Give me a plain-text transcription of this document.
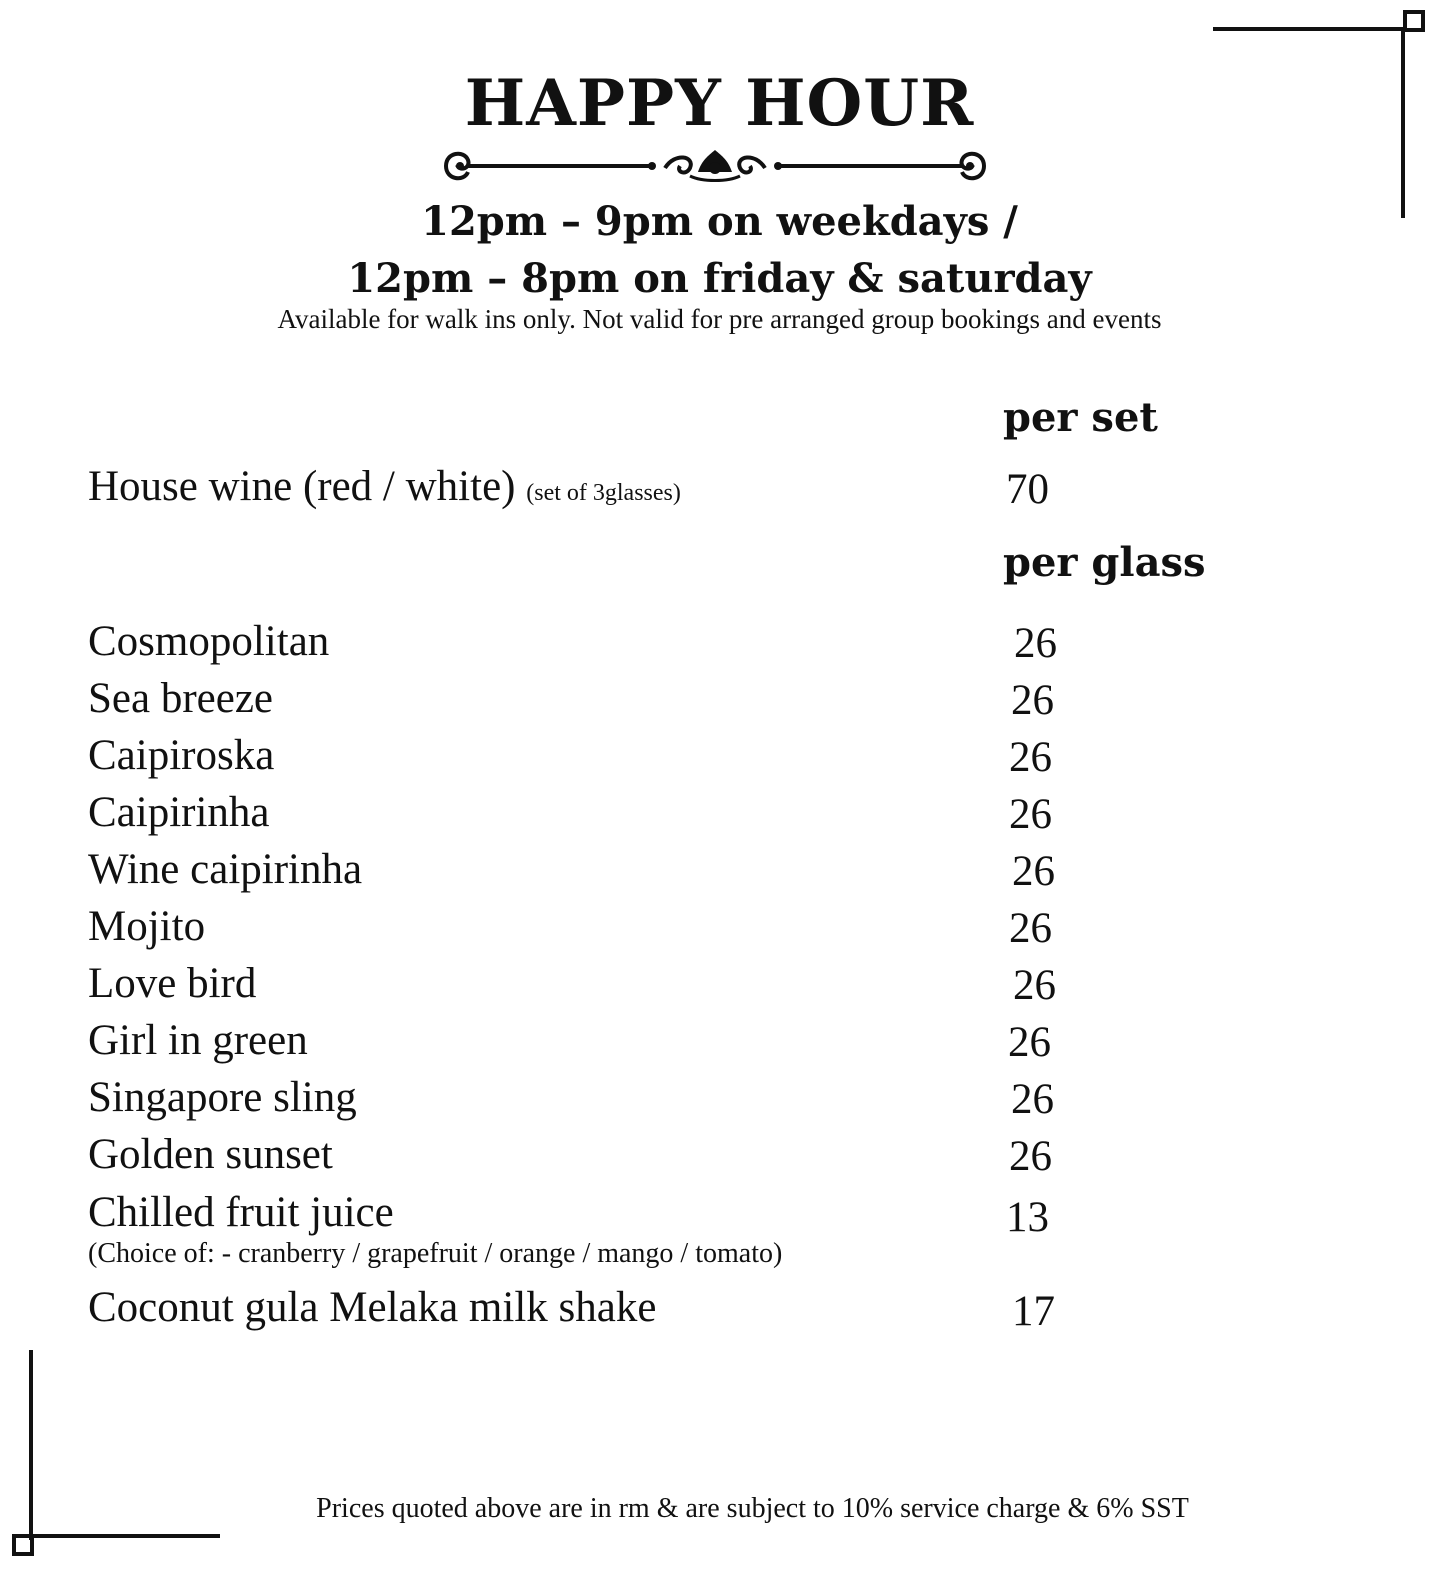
HAPPY HOUR
12pm – 9pm on weekdays /
12pm – 8pm on friday & saturday
Available for walk ins only. Not valid for pre arranged group bookings and events
per set
House wine (red / white) (set of 3glasses)	70
per glass
Cosmopolitan	26
Sea breeze	26
Caipiroska	26
Caipirinha	26
Wine caipirinha	26
Mojito	26
Love bird	26
Girl in green	26
Singapore sling	26
Golden sunset	26
Chilled fruit juice	13
(Choice of: - cranberry / grapefruit / orange / mango / tomato)
Coconut gula Melaka milk shake	17
Prices quoted above are in rm & are subject to 10% service charge & 6% SST
